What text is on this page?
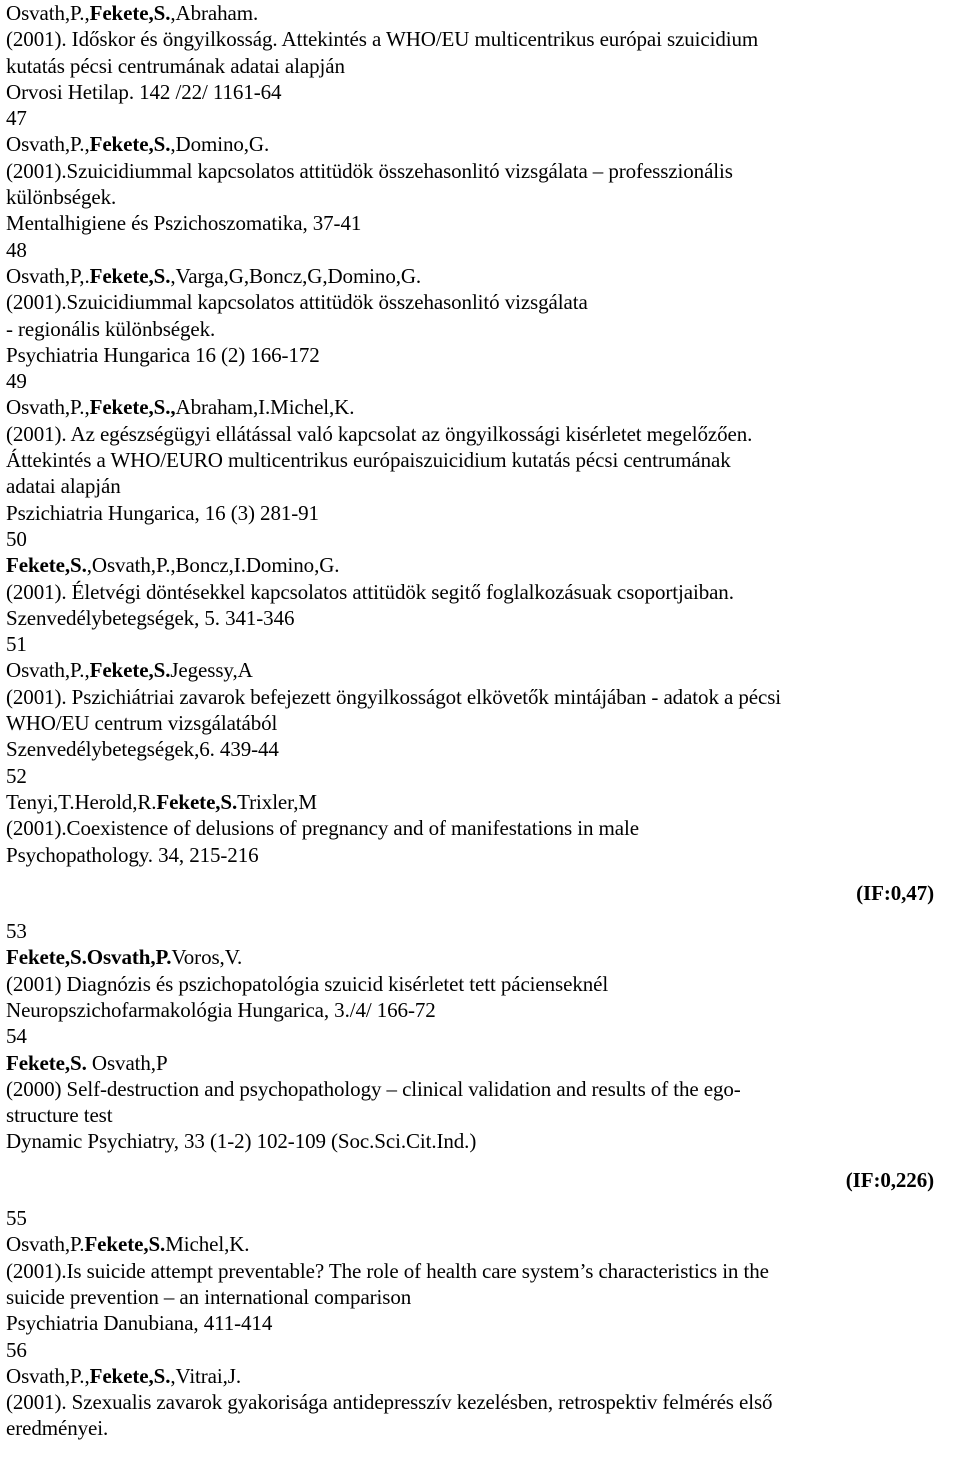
Osvath,P.,Fekete,S.,Abraham.
(2001). Időskor és öngyilkosság. Attekintés a WHO/EU multicentrikus európai szuicidium
kutatás pécsi centrumának adatai alapján
Orvosi Hetilap. 142 /22/ 1161-64
47
Osvath,P.,Fekete,S.,Domino,G.
(2001).Szuicidiummal kapcsolatos attitüdök összehasonlitó vizsgálata – professzionális
különbségek.
Mentalhigiene és Pszichoszomatika, 37-41
48
Osvath,P,.Fekete,S.,Varga,G,Boncz,G,Domino,G.
(2001).Szuicidiummal kapcsolatos attitüdök összehasonlitó vizsgálata
- regionális különbségek.
Psychiatria Hungarica 16 (2) 166-172
49
Osvath,P.,Fekete,S.,Abraham,I.Michel,K.
(2001). Az egészségügyi ellátással való kapcsolat az öngyilkossági kisérletet megelőzően.
Áttekintés a WHO/EURO multicentrikus európaiszuicidium kutatás pécsi centrumának
adatai alapján
Pszichiatria Hungarica, 16 (3) 281-91
50
Fekete,S.,Osvath,P.,Boncz,I.Domino,G.
(2001). Életvégi döntésekkel kapcsolatos attitüdök segitő foglalkozásuak csoportjaiban.
Szenvedélybetegségek, 5. 341-346
51
Osvath,P.,Fekete,S.Jegessy,A
(2001). Pszichiátriai zavarok befejezett öngyilkosságot elkövetők mintájában - adatok a pécsi
WHO/EU centrum vizsgálatából
Szenvedélybetegségek,6. 439-44
52
Tenyi,T.Herold,R.Fekete,S.Trixler,M
(2001).Coexistence of delusions of pregnancy and of manifestations in male
Psychopathology. 34, 215-216
(IF:0,47)
53
Fekete,S.Osvath,P.Voros,V.
(2001) Diagnózis és pszichopatológia szuicid kisérletet tett pácienseknél
Neuropszichofarmakológia Hungarica, 3./4/ 166-72
54
Fekete,S. Osvath,P
(2000) Self-destruction and psychopathology – clinical validation and results of the ego-
structure test
Dynamic Psychiatry, 33 (1-2) 102-109 (Soc.Sci.Cit.Ind.)
(IF:0,226)
55
Osvath,P.Fekete,S.Michel,K.
(2001).Is suicide attempt preventable? The role of health care system’s characteristics in the
suicide prevention – an international comparison
Psychiatria Danubiana, 411-414
56
Osvath,P.,Fekete,S.,Vitrai,J.
(2001). Szexualis zavarok gyakorisága antidepresszív kezelésben, retrospektiv felmérés első
eredményei.
